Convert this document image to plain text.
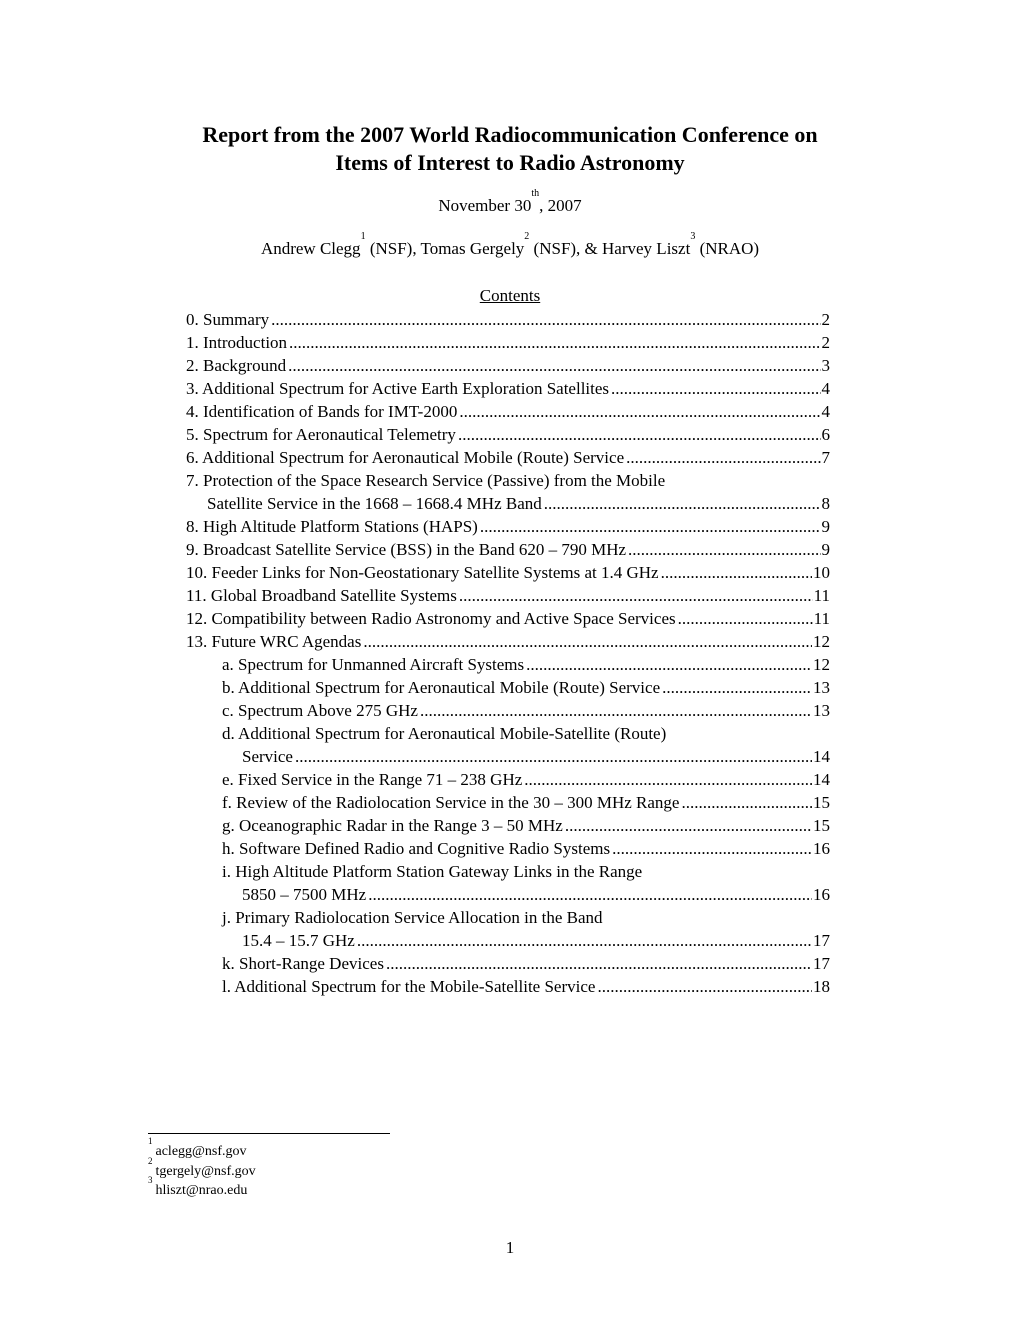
Report from the 2007 World Radiocommunication Conference on
Items of Interest to Radio Astronomy
November 30th, 2007
Andrew Clegg$^1$ (NSF), Tomas Gergely$^2$ (NSF), & Harvey Liszt$^3$ (NRAO)
Contents
0. Summary .....	2
1. Introduction .....	2
2. Background .....	3
3. Additional Spectrum for Active Earth Exploration Satellites .....	4
4. Identification of Bands for IMT-2000 .....	4
5. Spectrum for Aeronautical Telemetry .....	6
6. Additional Spectrum for Aeronautical Mobile (Route) Service .....	7
7. Protection of the Space Research Service (Passive) from the Mobile
Satellite Service in the 1668 – 1668.4 MHz Band .....	8
8. High Altitude Platform Stations (HAPS) .....	9
9. Broadcast Satellite Service (BSS) in the Band 620 – 790 MHz .....	9
10. Feeder Links for Non-Geostationary Satellite Systems at 1.4 GHz .....	10
11. Global Broadband Satellite Systems .....	11
12. Compatibility between Radio Astronomy and Active Space Services .....	11
13. Future WRC Agendas .....	12
a. Spectrum for Unmanned Aircraft Systems .....	12
b. Additional Spectrum for Aeronautical Mobile (Route) Service .....	13
c. Spectrum Above 275 GHz .....	13
d. Additional Spectrum for Aeronautical Mobile-Satellite (Route)
Service .....	14
e. Fixed Service in the Range 71 – 238 GHz .....	14
f. Review of the Radiolocation Service in the 30 – 300 MHz Range .....	15
g. Oceanographic Radar in the Range 3 – 50 MHz .....	15
h. Software Defined Radio and Cognitive Radio Systems .....	16
i. High Altitude Platform Station Gateway Links in the Range
5850 – 7500 MHz .....	16
j. Primary Radiolocation Service Allocation in the Band
15.4 – 15.7 GHz .....	17
k. Short-Range Devices .....	17
l. Additional Spectrum for the Mobile-Satellite Service .....	18
$^1$aclegg@nsf.gov
$^2$tgergely@nsf.gov
$^3$hliszt@nrao.edu
1
